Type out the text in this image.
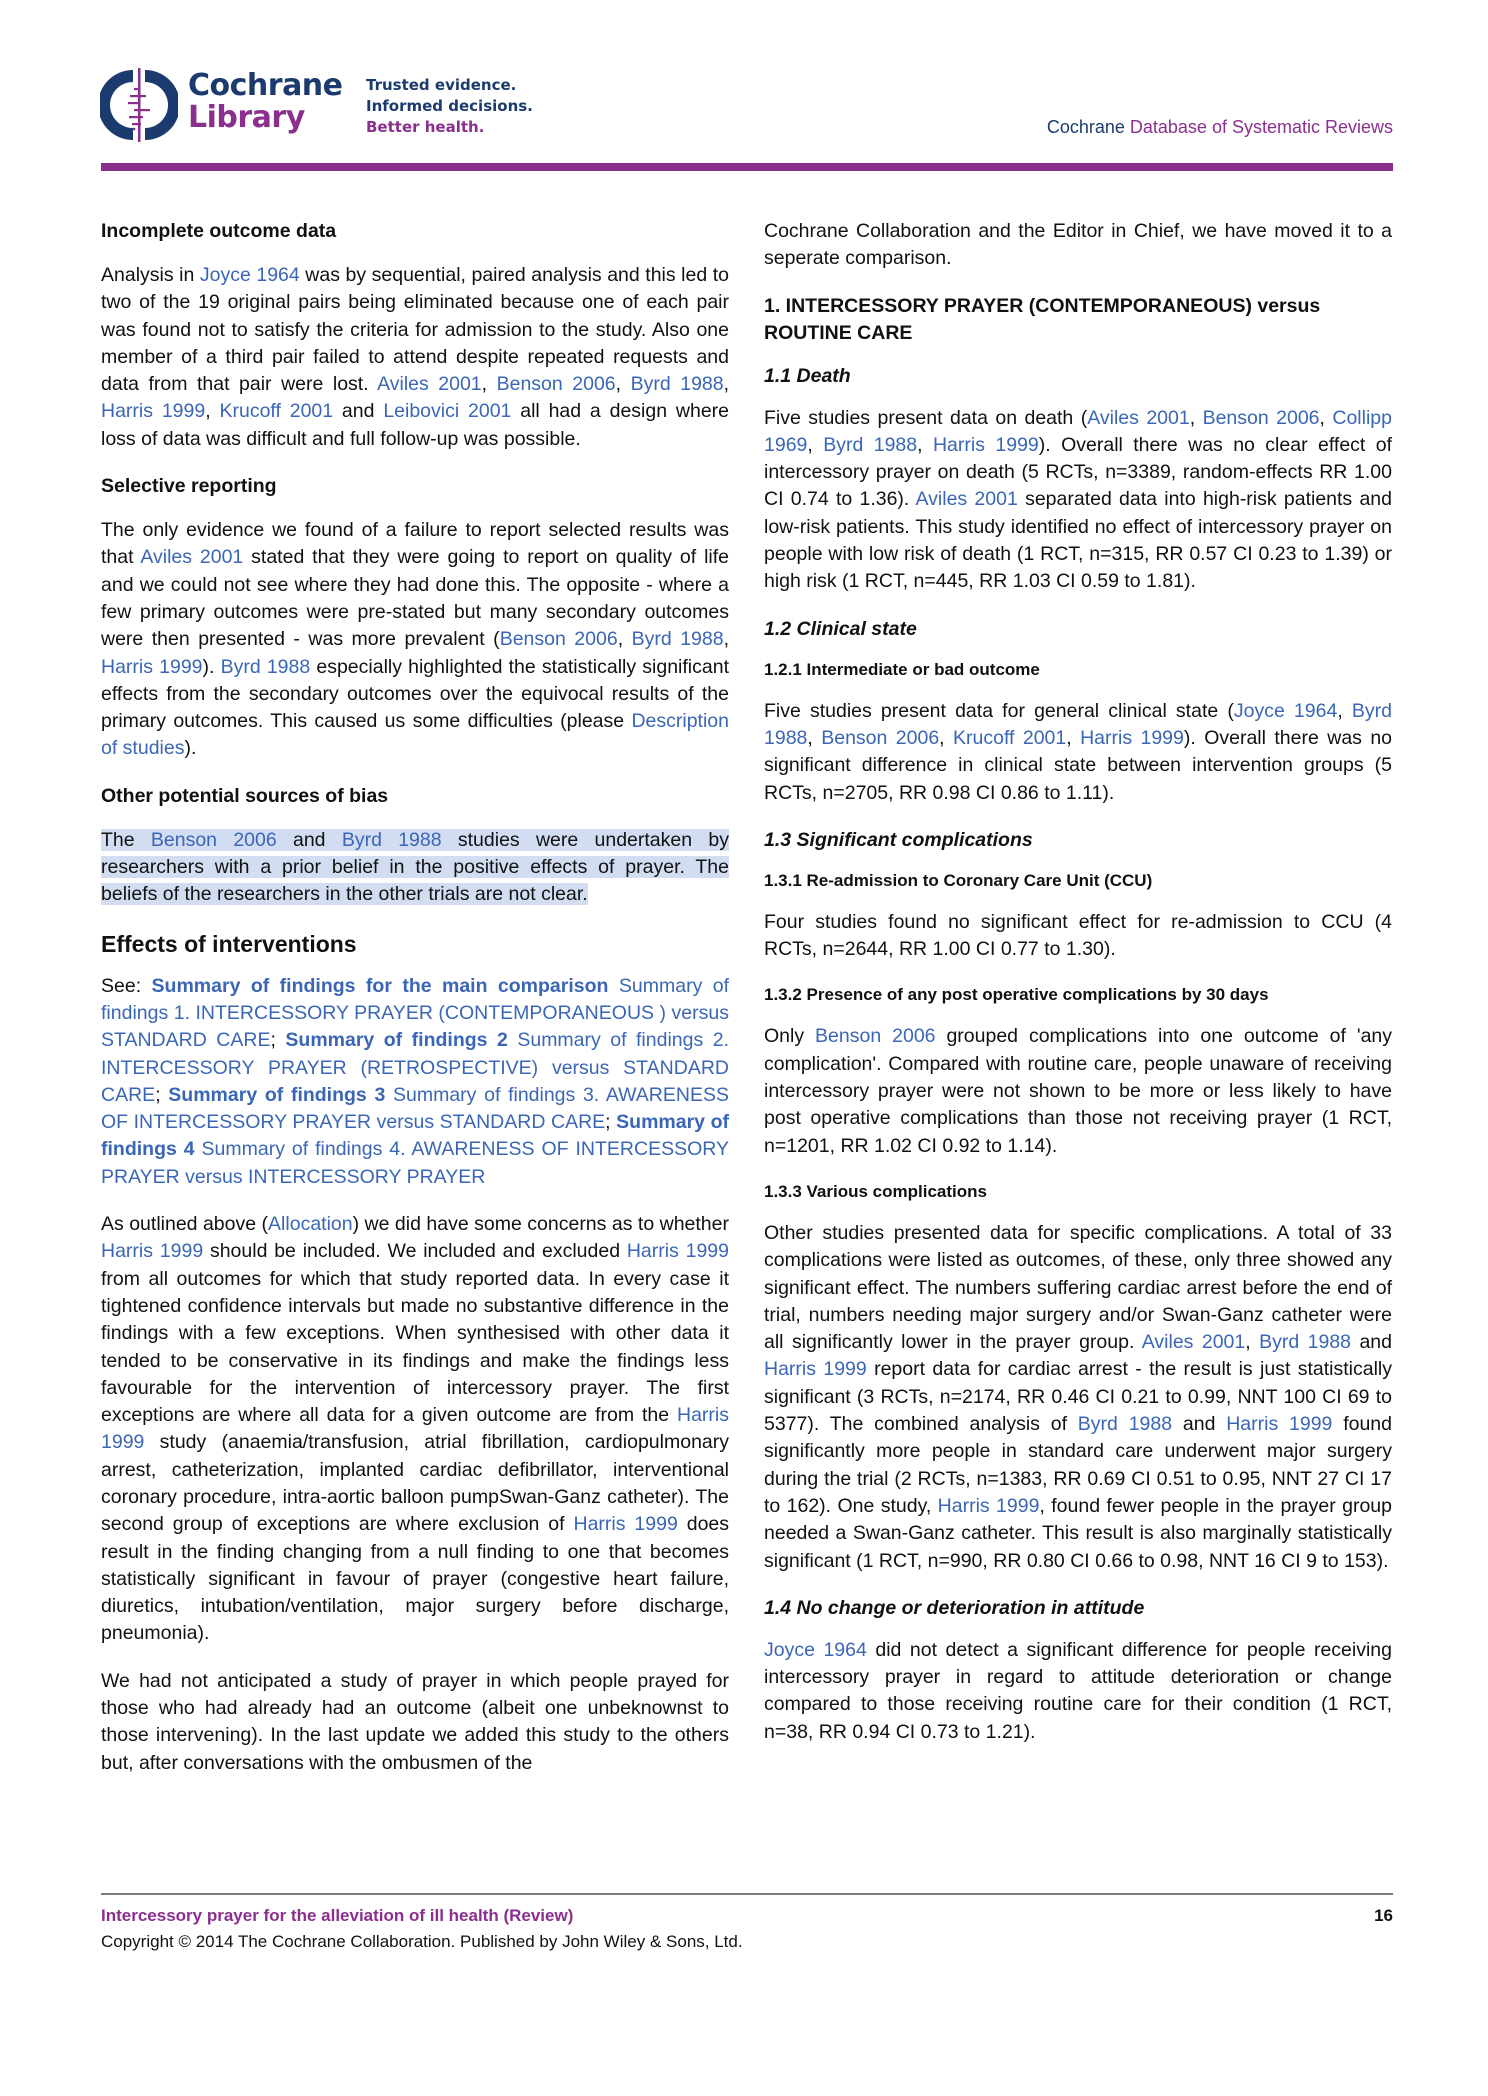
Cochrane
Library
Trusted evidence.
Informed decisions.
Better health.	Cochrane Database of Systematic Reviews
Incomplete outcome data

Analysis in Joyce 1964 was by sequential, paired analysis and this led to two of the 19 original pairs being eliminated because one of each pair was found not to satisfy the criteria for admission to the study. Also one member of a third pair failed to attend despite repeated requests and data from that pair were lost. Aviles 2001, Benson 2006, Byrd 1988, Harris 1999, Krucoff 2001 and Leibovici 2001 all had a design where loss of data was difficult and full follow-up was possible.

Selective reporting

The only evidence we found of a failure to report selected results was that Aviles 2001 stated that they were going to report on quality of life and we could not see where they had done this. The opposite - where a few primary outcomes were pre-stated but many secondary outcomes were then presented - was more prevalent (Benson 2006, Byrd 1988, Harris 1999). Byrd 1988 especially highlighted the statistically significant effects from the secondary outcomes over the equivocal results of the primary outcomes. This caused us some difficulties (please Description of studies).

Other potential sources of bias

The Benson 2006 and Byrd 1988 studies were undertaken by researchers with a prior belief in the positive effects of prayer. The beliefs of the researchers in the other trials are not clear.

Effects of interventions

See: Summary of findings for the main comparison Summary of findings 1. INTERCESSORY PRAYER (CONTEMPORANEOUS ) versus STANDARD CARE; Summary of findings 2 Summary of findings 2. INTERCESSORY PRAYER (RETROSPECTIVE) versus STANDARD CARE; Summary of findings 3 Summary of findings 3. AWARENESS OF INTERCESSORY PRAYER versus STANDARD CARE; Summary of findings 4 Summary of findings 4. AWARENESS OF INTERCESSORY PRAYER versus INTERCESSORY PRAYER

As outlined above (Allocation) we did have some concerns as to whether Harris 1999 should be included. We included and excluded Harris 1999 from all outcomes for which that study reported data. In every case it tightened confidence intervals but made no substantive difference in the findings with a few exceptions. When synthesised with other data it tended to be conservative in its findings and make the findings less favourable for the intervention of intercessory prayer. The first exceptions are where all data for a given outcome are from the Harris 1999 study (anaemia/transfusion, atrial fibrillation, cardiopulmonary arrest, catheterization, implanted cardiac defibrillator, interventional coronary procedure, intra-aortic balloon pumpSwan-Ganz catheter). The second group of exceptions are where exclusion of Harris 1999 does result in the finding changing from a null finding to one that becomes statistically significant in favour of prayer (congestive heart failure, diuretics, intubation/ventilation, major surgery before discharge, pneumonia).

We had not anticipated a study of prayer in which people prayed for those who had already had an outcome (albeit one unbeknownst to those intervening). In the last update we added this study to the others but, after conversations with the ombusmen of the

Cochrane Collaboration and the Editor in Chief, we have moved it to a seperate comparison.

1. INTERCESSORY PRAYER (CONTEMPORANEOUS) versus ROUTINE CARE
1.1 Death

Five studies present data on death (Aviles 2001, Benson 2006, Collipp 1969, Byrd 1988, Harris 1999). Overall there was no clear effect of intercessory prayer on death (5 RCTs, n=3389, random-effects RR 1.00 CI 0.74 to 1.36). Aviles 2001 separated data into high-risk patients and low-risk patients. This study identified no effect of intercessory prayer on people with low risk of death (1 RCT, n=315, RR 0.57 CI 0.23 to 1.39) or high risk (1 RCT, n=445, RR 1.03 CI 0.59 to 1.81).

1.2 Clinical state
1.2.1 Intermediate or bad outcome

Five studies present data for general clinical state (Joyce 1964, Byrd 1988, Benson 2006, Krucoff 2001, Harris 1999). Overall there was no significant difference in clinical state between intervention groups (5 RCTs, n=2705, RR 0.98 CI 0.86 to 1.11).

1.3 Significant complications
1.3.1 Re-admission to Coronary Care Unit (CCU)

Four studies found no significant effect for re-admission to CCU (4 RCTs, n=2644, RR 1.00 CI 0.77 to 1.30).

1.3.2 Presence of any post operative complications by 30 days

Only Benson 2006 grouped complications into one outcome of 'any complication'. Compared with routine care, people unaware of receiving intercessory prayer were not shown to be more or less likely to have post operative complications than those not receiving prayer (1 RCT, n=1201, RR 1.02 CI 0.92 to 1.14).

1.3.3 Various complications

Other studies presented data for specific complications. A total of 33 complications were listed as outcomes, of these, only three showed any significant effect. The numbers suffering cardiac arrest before the end of trial, numbers needing major surgery and/or Swan-Ganz catheter were all significantly lower in the prayer group. Aviles 2001, Byrd 1988 and Harris 1999 report data for cardiac arrest - the result is just statistically significant (3 RCTs, n=2174, RR 0.46 CI 0.21 to 0.99, NNT 100 CI 69 to 5377). The combined analysis of Byrd 1988 and Harris 1999 found significantly more people in standard care underwent major surgery during the trial (2 RCTs, n=1383, RR 0.69 CI 0.51 to 0.95, NNT 27 CI 17 to 162). One study, Harris 1999, found fewer people in the prayer group needed a Swan-Ganz catheter. This result is also marginally statistically significant (1 RCT, n=990, RR 0.80 CI 0.66 to 0.98, NNT 16 CI 9 to 153).

1.4 No change or deterioration in attitude

Joyce 1964 did not detect a significant difference for people receiving intercessory prayer in regard to attitude deterioration or change compared to those receiving routine care for their condition (1 RCT, n=38, RR 0.94 CI 0.73 to 1.21).

Intercessory prayer for the alleviation of ill health (Review)	16
Copyright © 2014 The Cochrane Collaboration. Published by John Wiley & Sons, Ltd.
